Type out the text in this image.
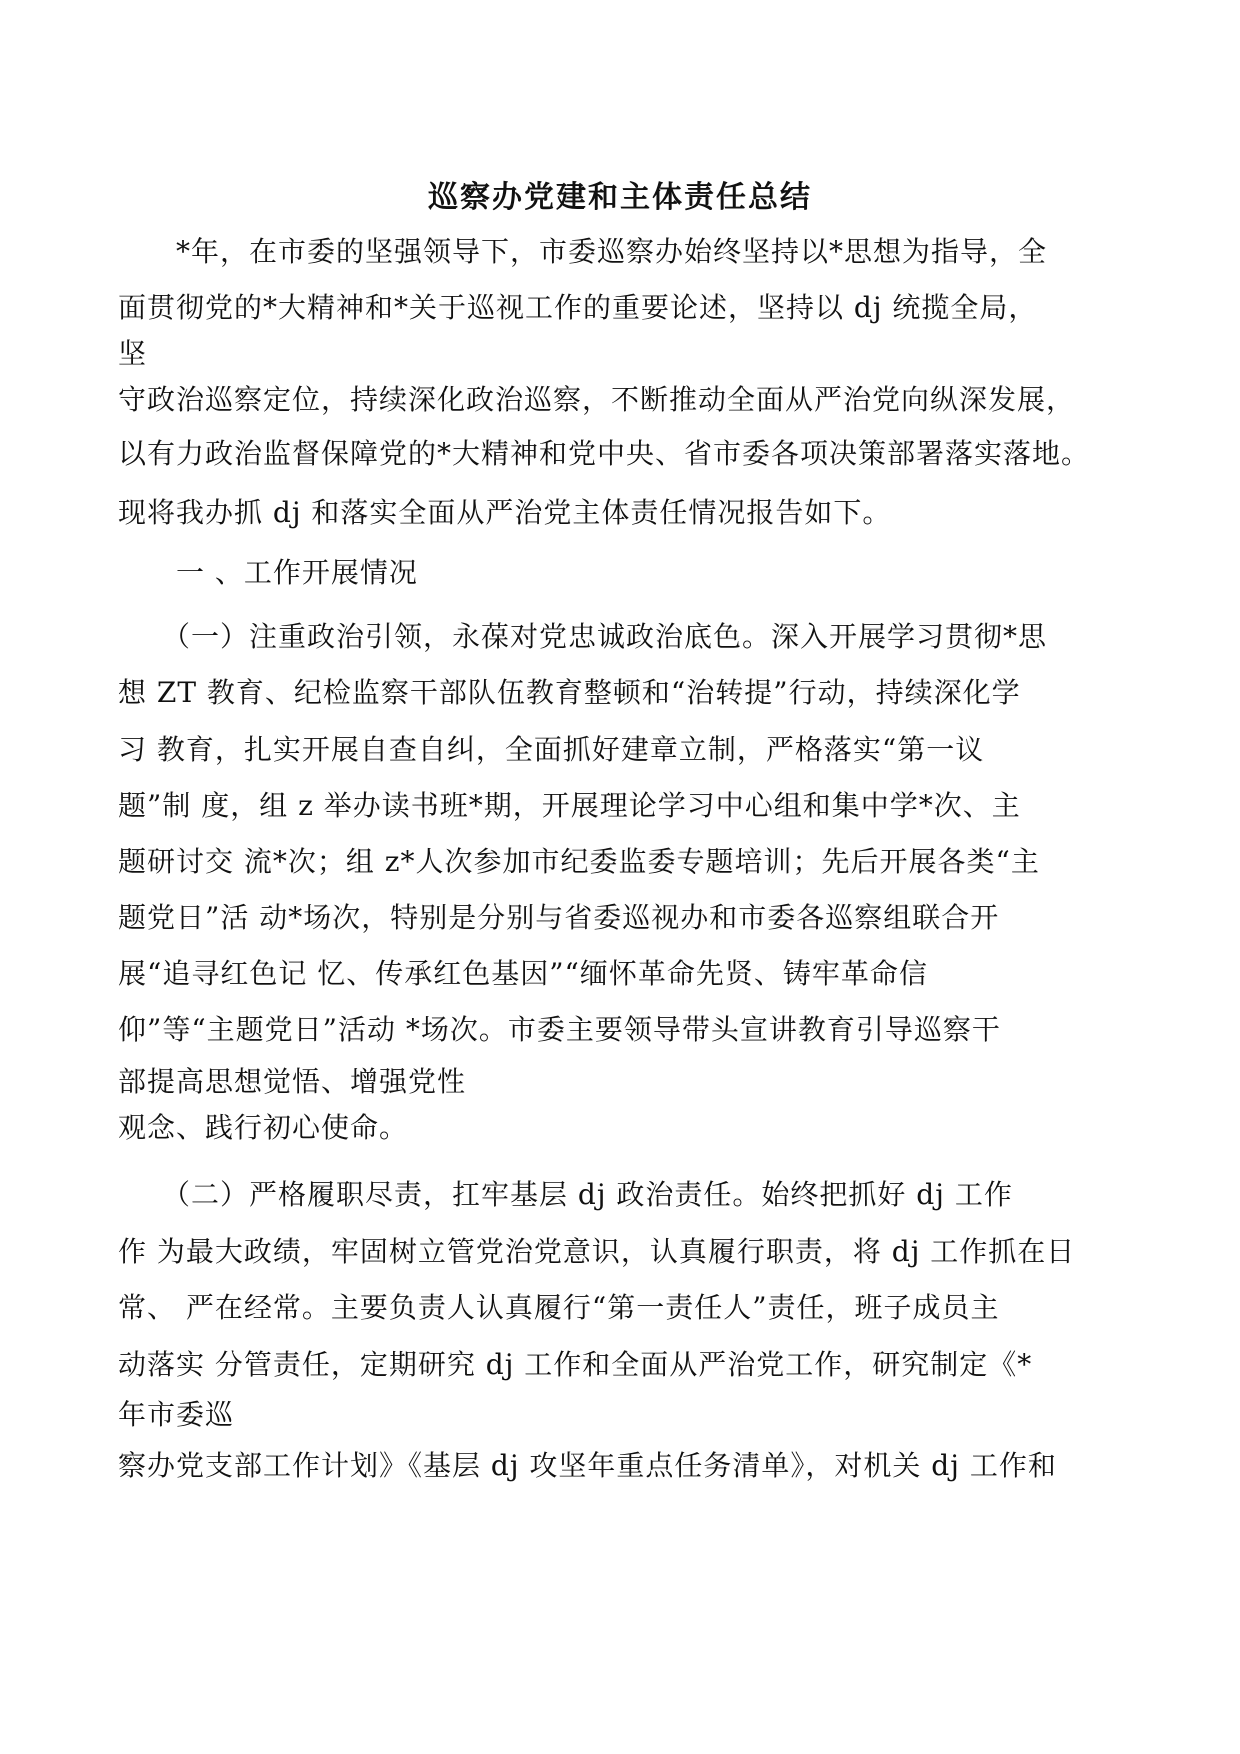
巡察办党建和主体责任总结
　　*年，在市委的坚强领导下，市委巡察办始终坚持以*思想为指导，全
面贯彻党的*大精神和*关于巡视工作的重要论述，坚持以 dj 统揽全局，
坚
守政治巡察定位，持续深化政治巡察，不断推动全面从严治党向纵深发展，
以有力政治监督保障党的*大精神和党中央、省市委各项决策部署落实落地。
现将我办抓 dj 和落实全面从严治党主体责任情况报告如下。
　　一 、工作开展情况
　　（一）注重政治引领，永葆对党忠诚政治底色。深入开展学习贯彻*思
想 ZT 教育、纪检监察干部队伍教育整顿和“治转提”行动，持续深化学
习 教育，扎实开展自查自纠，全面抓好建章立制，严格落实“第一议
题”制 度，组 z 举办读书班*期，开展理论学习中心组和集中学*次、主
题研讨交 流*次；组 z*人次参加市纪委监委专题培训；先后开展各类“主
题党日”活 动*场次，特别是分别与省委巡视办和市委各巡察组联合开
展“追寻红色记 忆、传承红色基因”“缅怀革命先贤、铸牢革命信
仰”等“主题党日”活动 *场次。市委主要领导带头宣讲教育引导巡察干
部提高思想觉悟、增强党性
观念、践行初心使命。
　　（二）严格履职尽责，扛牢基层 dj 政治责任。始终把抓好 dj 工作
作 为最大政绩，牢固树立管党治党意识，认真履行职责，将 dj 工作抓在日
常、 严在经常。主要负责人认真履行“第一责任人”责任，班子成员主
动落实 分管责任，定期研究 dj 工作和全面从严治党工作，研究制定《*
年市委巡
察办党支部工作计划》《基层 dj 攻坚年重点任务清单》，对机关 dj 工作和
